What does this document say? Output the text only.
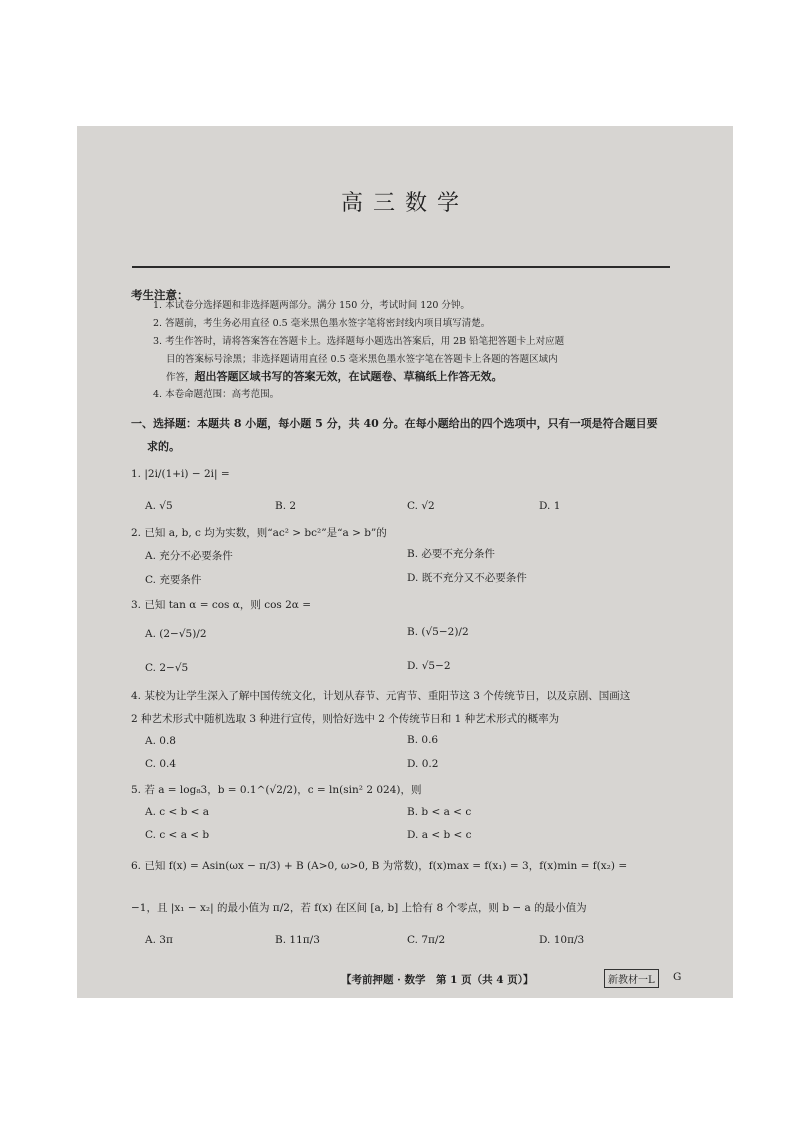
高三数学
考生注意：
1. 本试卷分选择题和非选择题两部分。满分 150 分，考试时间 120 分钟。
2. 答题前，考生务必用直径 0.5 毫米黑色墨水签字笔将密封线内项目填写清楚。
3. 考生作答时，请将答案答在答题卡上。选择题每小题选出答案后，用 2B 铅笔把答题卡上对应题
目的答案标号涂黑；非选择题请用直径 0.5 毫米黑色墨水签字笔在答题卡上各题的答题区域内
作答，超出答题区域书写的答案无效，在试题卷、草稿纸上作答无效。
4. 本卷命题范围：高考范围。
一、选择题：本题共 8 小题，每小题 5 分，共 40 分。在每小题给出的四个选项中，只有一项是符合题目要
求的。
1. |2i/(1+i) − 2i| =
A. √5	B. 2	C. √2	D. 1
2. 已知 a, b, c 均为实数，则“ac² > bc²”是“a > b”的
A. 充分不必要条件	B. 必要不充分条件
C. 充要条件	D. 既不充分又不必要条件
3. 已知 tan α = cos α，则 cos 2α =
A. (2−√5)/2	B. (√5−2)/2
C. 2−√5	D. √5−2
4. 某校为让学生深入了解中国传统文化，计划从春节、元宵节、重阳节这 3 个传统节日，以及京剧、国画这
2 种艺术形式中随机选取 3 种进行宣传，则恰好选中 2 个传统节日和 1 种艺术形式的概率为
A. 0.8	B. 0.6
C. 0.4	D. 0.2
5. 若 a = log₈3，b = 0.1^(√2/2)，c = ln(sin² 2 024)，则
A. c < b < a	B. b < a < c
C. c < a < b	D. a < b < c
6. 已知 f(x) = Asin(ωx − π/3) + B (A>0, ω>0, B 为常数)，f(x)max = f(x₁) = 3，f(x)min = f(x₂) =
−1，且 |x₁ − x₂| 的最小值为 π/2，若 f(x) 在区间 [a, b] 上恰有 8 个零点，则 b − a 的最小值为
A. 3π	B. 11π/3	C. 7π/2	D. 10π/3
【考前押题 · 数学　第 1 页（共 4 页）】	新教材一L	G
